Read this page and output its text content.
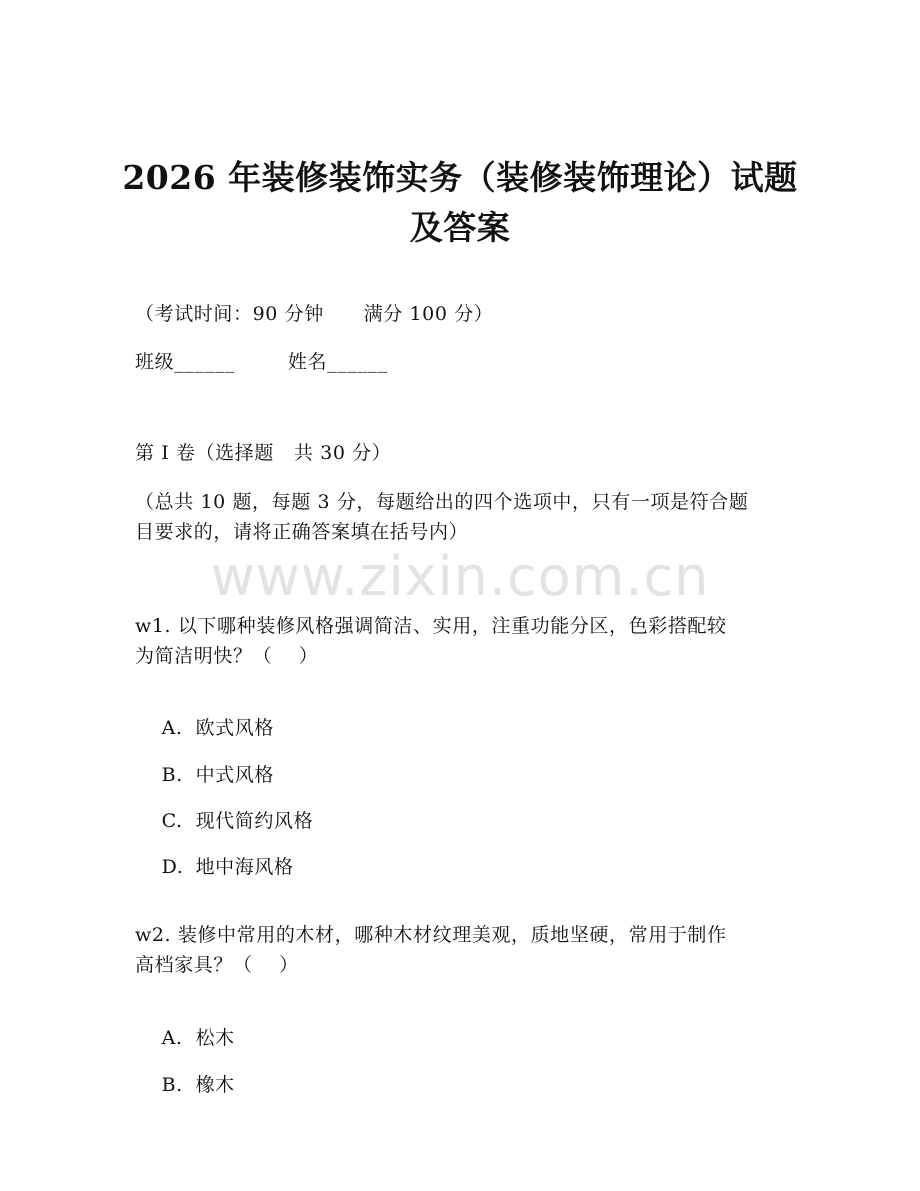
2026 年装修装饰实务（装修装饰理论）试题
及答案
（考试时间：90 分钟      满分 100 分）
班级______        姓名______
第 I 卷（选择题   共 30 分）
（总共 10 题，每题 3 分，每题给出的四个选项中，只有一项是符合题
目要求的，请将正确答案填在括号内）
www.zixin.com.cn
w1. 以下哪种装修风格强调简洁、实用，注重功能分区，色彩搭配较
为简洁明快？（    ）

A. 欧式风格

B. 中式风格

C. 现代简约风格

D. 地中海风格

w2. 装修中常用的木材，哪种木材纹理美观，质地坚硬，常用于制作
高档家具？（    ）

A. 松木

B. 橡木
